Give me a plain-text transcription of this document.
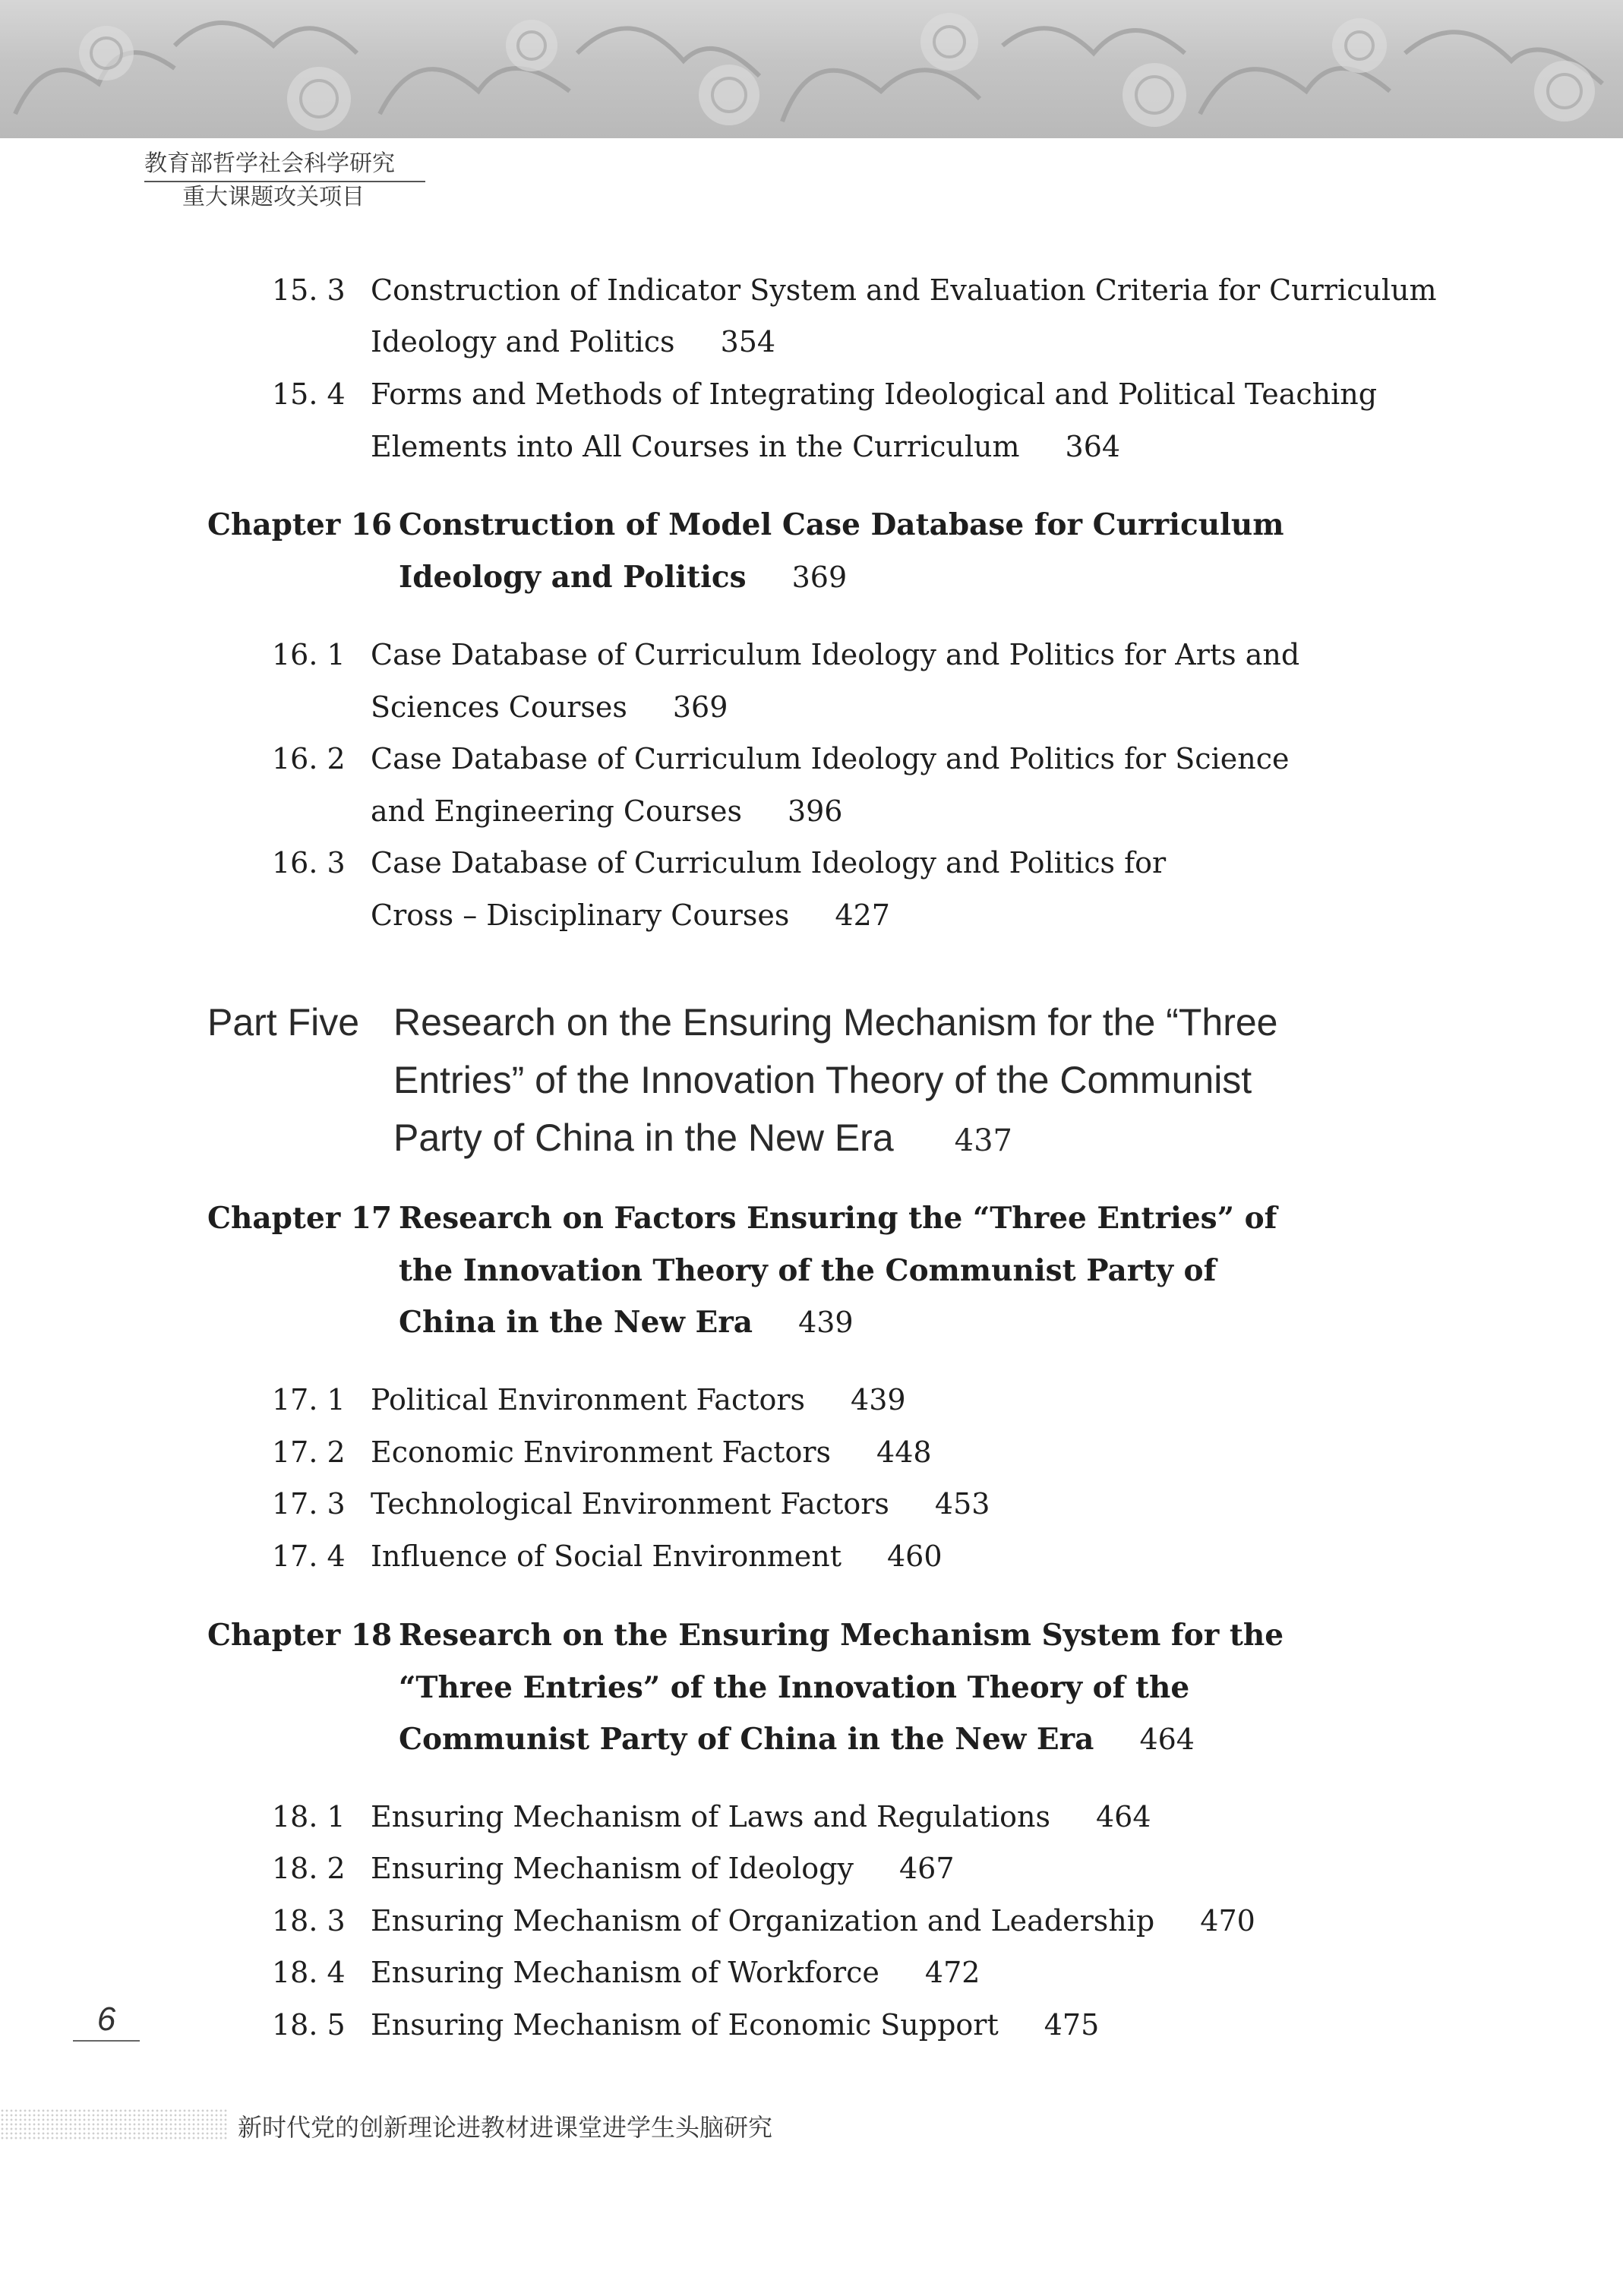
教育部哲学社会科学研究
重大课题攻关项目
15. 3 Construction of Indicator System and Evaluation Criteria for Curriculum
Ideology and Politics 354
15. 4 Forms and Methods of Integrating Ideological and Political Teaching
Elements into All Courses in the Curriculum 364
Chapter 16 Construction of Model Case Database for Curriculum
Ideology and Politics 369
16. 1 Case Database of Curriculum Ideology and Politics for Arts and
Sciences Courses 369
16. 2 Case Database of Curriculum Ideology and Politics for Science
and Engineering Courses 396
16. 3 Case Database of Curriculum Ideology and Politics for
Cross – Disciplinary Courses 427
Part Five Research on the Ensuring Mechanism for the “Three
Entries” of the Innovation Theory of the Communist
Party of China in the New Era 437
Chapter 17 Research on Factors Ensuring the “Three Entries” of
the Innovation Theory of the Communist Party of
China in the New Era 439
17. 1 Political Environment Factors 439
17. 2 Economic Environment Factors 448
17. 3 Technological Environment Factors 453
17. 4 Influence of Social Environment 460
Chapter 18 Research on the Ensuring Mechanism System for the
“Three Entries” of the Innovation Theory of the
Communist Party of China in the New Era 464
18. 1 Ensuring Mechanism of Laws and Regulations 464
18. 2 Ensuring Mechanism of Ideology 467
18. 3 Ensuring Mechanism of Organization and Leadership 470
18. 4 Ensuring Mechanism of Workforce 472
18. 5 Ensuring Mechanism of Economic Support 475
6
新时代党的创新理论进教材进课堂进学生头脑研究
